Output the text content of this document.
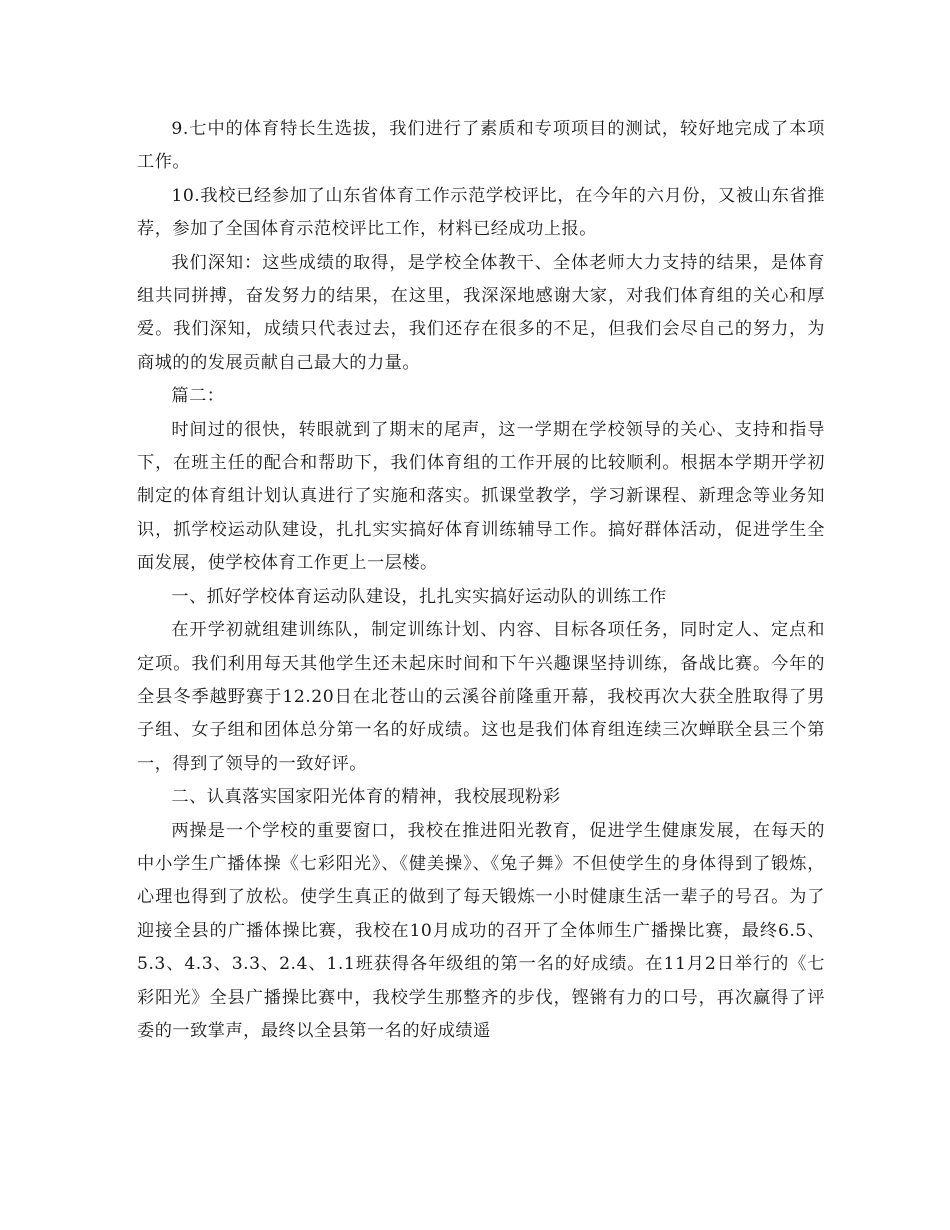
9.七中的体育特长生选拔，我们进行了素质和专项项目的测试，较好地完成了本项工作。

10.我校已经参加了山东省体育工作示范学校评比，在今年的六月份，又被山东省推荐，参加了全国体育示范校评比工作，材料已经成功上报。

我们深知：这些成绩的取得，是学校全体教干、全体老师大力支持的结果，是体育组共同拼搏，奋发努力的结果，在这里，我深深地感谢大家，对我们体育组的关心和厚爱。我们深知，成绩只代表过去，我们还存在很多的不足，但我们会尽自己的努力，为商城的的发展贡献自己最大的力量。

篇二：

时间过的很快，转眼就到了期末的尾声，这一学期在学校领导的关心、支持和指导下，在班主任的配合和帮助下，我们体育组的工作开展的比较顺利。根据本学期开学初制定的体育组计划认真进行了实施和落实。抓课堂教学，学习新课程、新理念等业务知识，抓学校运动队建设，扎扎实实搞好体育训练辅导工作。搞好群体活动，促进学生全面发展，使学校体育工作更上一层楼。

一、抓好学校体育运动队建设，扎扎实实搞好运动队的训练工作

在开学初就组建训练队，制定训练计划、内容、目标各项任务，同时定人、定点和定项。我们利用每天其他学生还未起床时间和下午兴趣课坚持训练，备战比赛。今年的全县冬季越野赛于12.20日在北苍山的云溪谷前隆重开幕，我校再次大获全胜取得了男子组、女子组和团体总分第一名的好成绩。这也是我们体育组连续三次蝉联全县三个第一，得到了领导的一致好评。

二、认真落实国家阳光体育的精神，我校展现粉彩

两操是一个学校的重要窗口，我校在推进阳光教育，促进学生健康发展，在每天的中小学生广播体操《七彩阳光》、《健美操》、《兔子舞》不但使学生的身体得到了锻炼，心理也得到了放松。使学生真正的做到了每天锻炼一小时健康生活一辈子的号召。为了迎接全县的广播体操比赛，我校在10月成功的召开了全体师生广播操比赛，最终6.5、5.3、4.3、3.3、2.4、1.1班获得各年级组的第一名的好成绩。在11月2日举行的《七彩阳光》全县广播操比赛中，我校学生那整齐的步伐，铿锵有力的口号，再次赢得了评委的一致掌声，最终以全县第一名的好成绩遥
